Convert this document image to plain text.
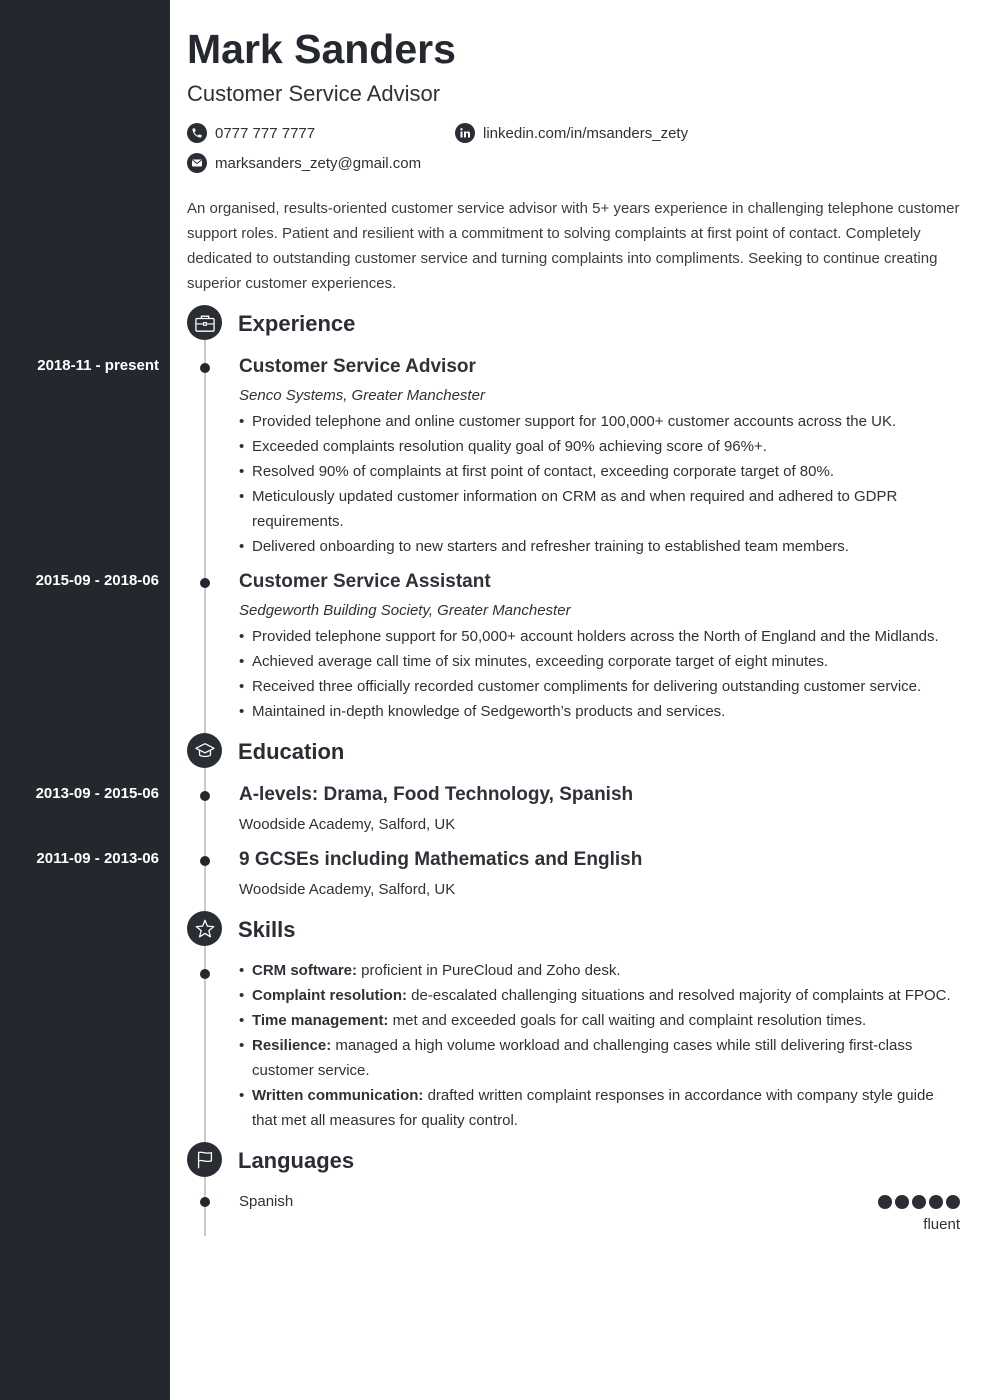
Mark Sanders
Customer Service Advisor
0777 777 7777	linkedin.com/in/msanders_zety
marksanders_zety@gmail.com

An organised, results-oriented customer service advisor with 5+ years experience in challenging telephone customer support roles. Patient and resilient with a commitment to solving complaints at first point of contact. Completely dedicated to outstanding customer service and turning complaints into compliments. Seeking to continue creating superior customer experiences.

Experience
2018-11 - present	Customer Service Advisor
Senco Systems, Greater Manchester
• Provided telephone and online customer support for 100,000+ customer accounts across the UK.
• Exceeded complaints resolution quality goal of 90% achieving score of 96%+.
• Resolved 90% of complaints at first point of contact, exceeding corporate target of 80%.
• Meticulously updated customer information on CRM as and when required and adhered to GDPR requirements.
• Delivered onboarding to new starters and refresher training to established team members.
2015-09 - 2018-06	Customer Service Assistant
Sedgeworth Building Society, Greater Manchester
• Provided telephone support for 50,000+ account holders across the North of England and the Midlands.
• Achieved average call time of six minutes, exceeding corporate target of eight minutes.
• Received three officially recorded customer compliments for delivering outstanding customer service.
• Maintained in-depth knowledge of Sedgeworth’s products and services.
Education
2013-09 - 2015-06	A-levels: Drama, Food Technology, Spanish
Woodside Academy, Salford, UK
2011-09 - 2013-06	9 GCSEs including Mathematics and English
Woodside Academy, Salford, UK
Skills
• CRM software: proficient in PureCloud and Zoho desk.
• Complaint resolution: de-escalated challenging situations and resolved majority of complaints at FPOC.
• Time management: met and exceeded goals for call waiting and complaint resolution times.
• Resilience: managed a high volume workload and challenging cases while still delivering first-class customer service.
• Written communication: drafted written complaint responses in accordance with company style guide that met all measures for quality control.
Languages
Spanish
fluent
